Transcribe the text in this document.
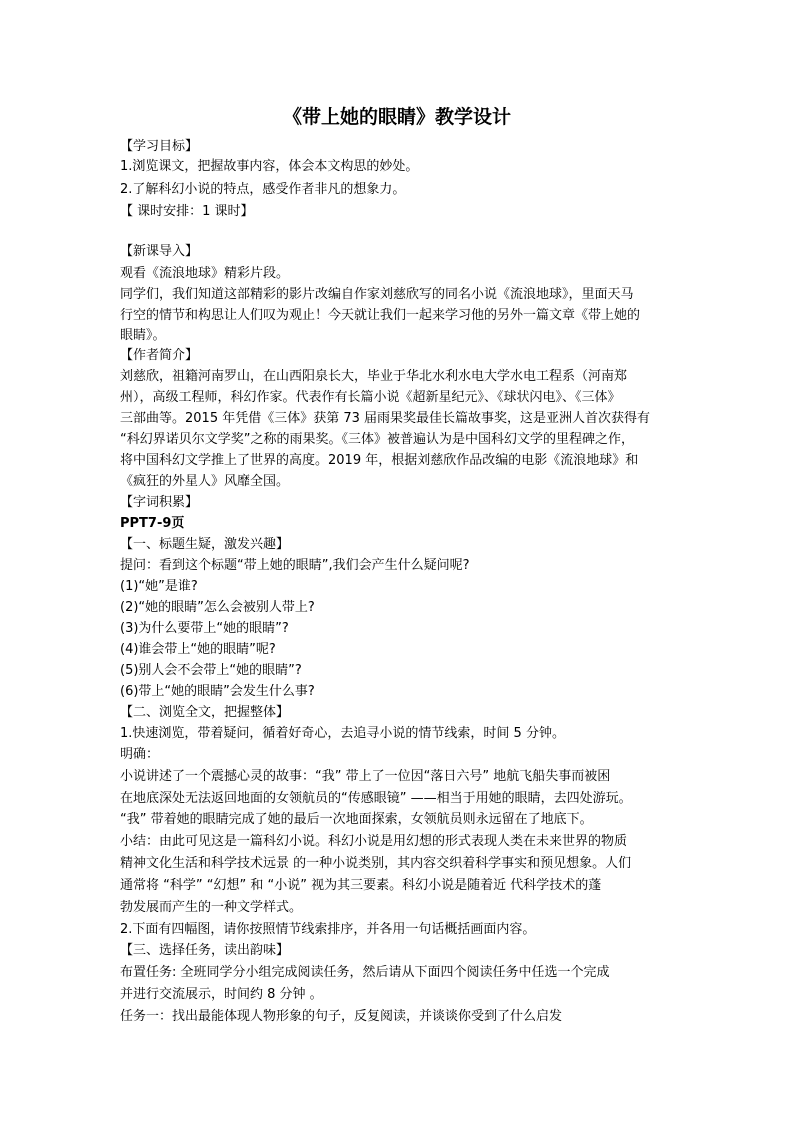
《带上她的眼睛》教学设计
【学习目标】
1.浏览课文，把握故事内容，体会本文构思的妙处。
2.了解科幻小说的特点，感受作者非凡的想象力。
【 课时安排：1 课时】
【新课导入】
观看《流浪地球》精彩片段。
同学们，我们知道这部精彩的影片改编自作家刘慈欣写的同名小说《流浪地球》，里面天马
行空的情节和构思让人们叹为观止！今天就让我们一起来学习他的另外一篇文章《带上她的
眼睛》。
【作者简介】
刘慈欣，祖籍河南罗山，在山西阳泉长大，毕业于华北水利水电大学水电工程系（河南郑
州），高级工程师，科幻作家。代表作有长篇小说《超新星纪元》、《球状闪电》、《三体》
三部曲等。2015 年凭借《三体》获第 73 届雨果奖最佳长篇故事奖，这是亚洲人首次获得有
“科幻界诺贝尔文学奖”之称的雨果奖。《三体》被普遍认为是中国科幻文学的里程碑之作，
将中国科幻文学推上了世界的高度。2019 年，根据刘慈欣作品改编的电影《流浪地球》和
《疯狂的外星人》风靡全国。
【字词积累】
PPT7-9页
【一、标题生疑，激发兴趣】
提问：看到这个标题“带上她的眼睛”,我们会产生什么疑问呢?
(1)“她”是谁?
(2)“她的眼睛”怎么会被别人带上?
(3)为什么要带上“她的眼睛”?
(4)谁会带上“她的眼睛”呢?
(5)别人会不会带上“她的眼睛”?
(6)带上“她的眼睛”会发生什么事?
【二、浏览全文，把握整体】
1.快速浏览，带着疑问，循着好奇心，去追寻小说的情节线索，时间 5 分钟。
明确：
小说讲述了一个震撼心灵的故事：“我” 带上了一位因“落日六号” 地航飞船失事而被困
在地底深处无法返回地面的女领航员的“传感眼镜” ——相当于用她的眼睛，去四处游玩。
“我” 带着她的眼睛完成了她的最后一次地面探索，女领航员则永远留在了地底下。
小结：由此可见这是一篇科幻小说。科幻小说是用幻想的形式表现人类在未来世界的物质
精神文化生活和科学技术远景 的一种小说类别，其内容交织着科学事实和预见想象。人们
通常将 “科学” “幻想” 和 “小说” 视为其三要素。科幻小说是随着近 代科学技术的蓬
勃发展而产生的一种文学样式。
2.下面有四幅图，请你按照情节线索排序，并各用一句话概括画面内容。
【三、选择任务，读出韵味】
布置任务: 全班同学分小组完成阅读任务，然后请从下面四个阅读任务中任选一个完成
并进行交流展示，时间约 8 分钟 。
任务一：找出最能体现人物形象的句子，反复阅读，并谈谈你受到了什么启发
